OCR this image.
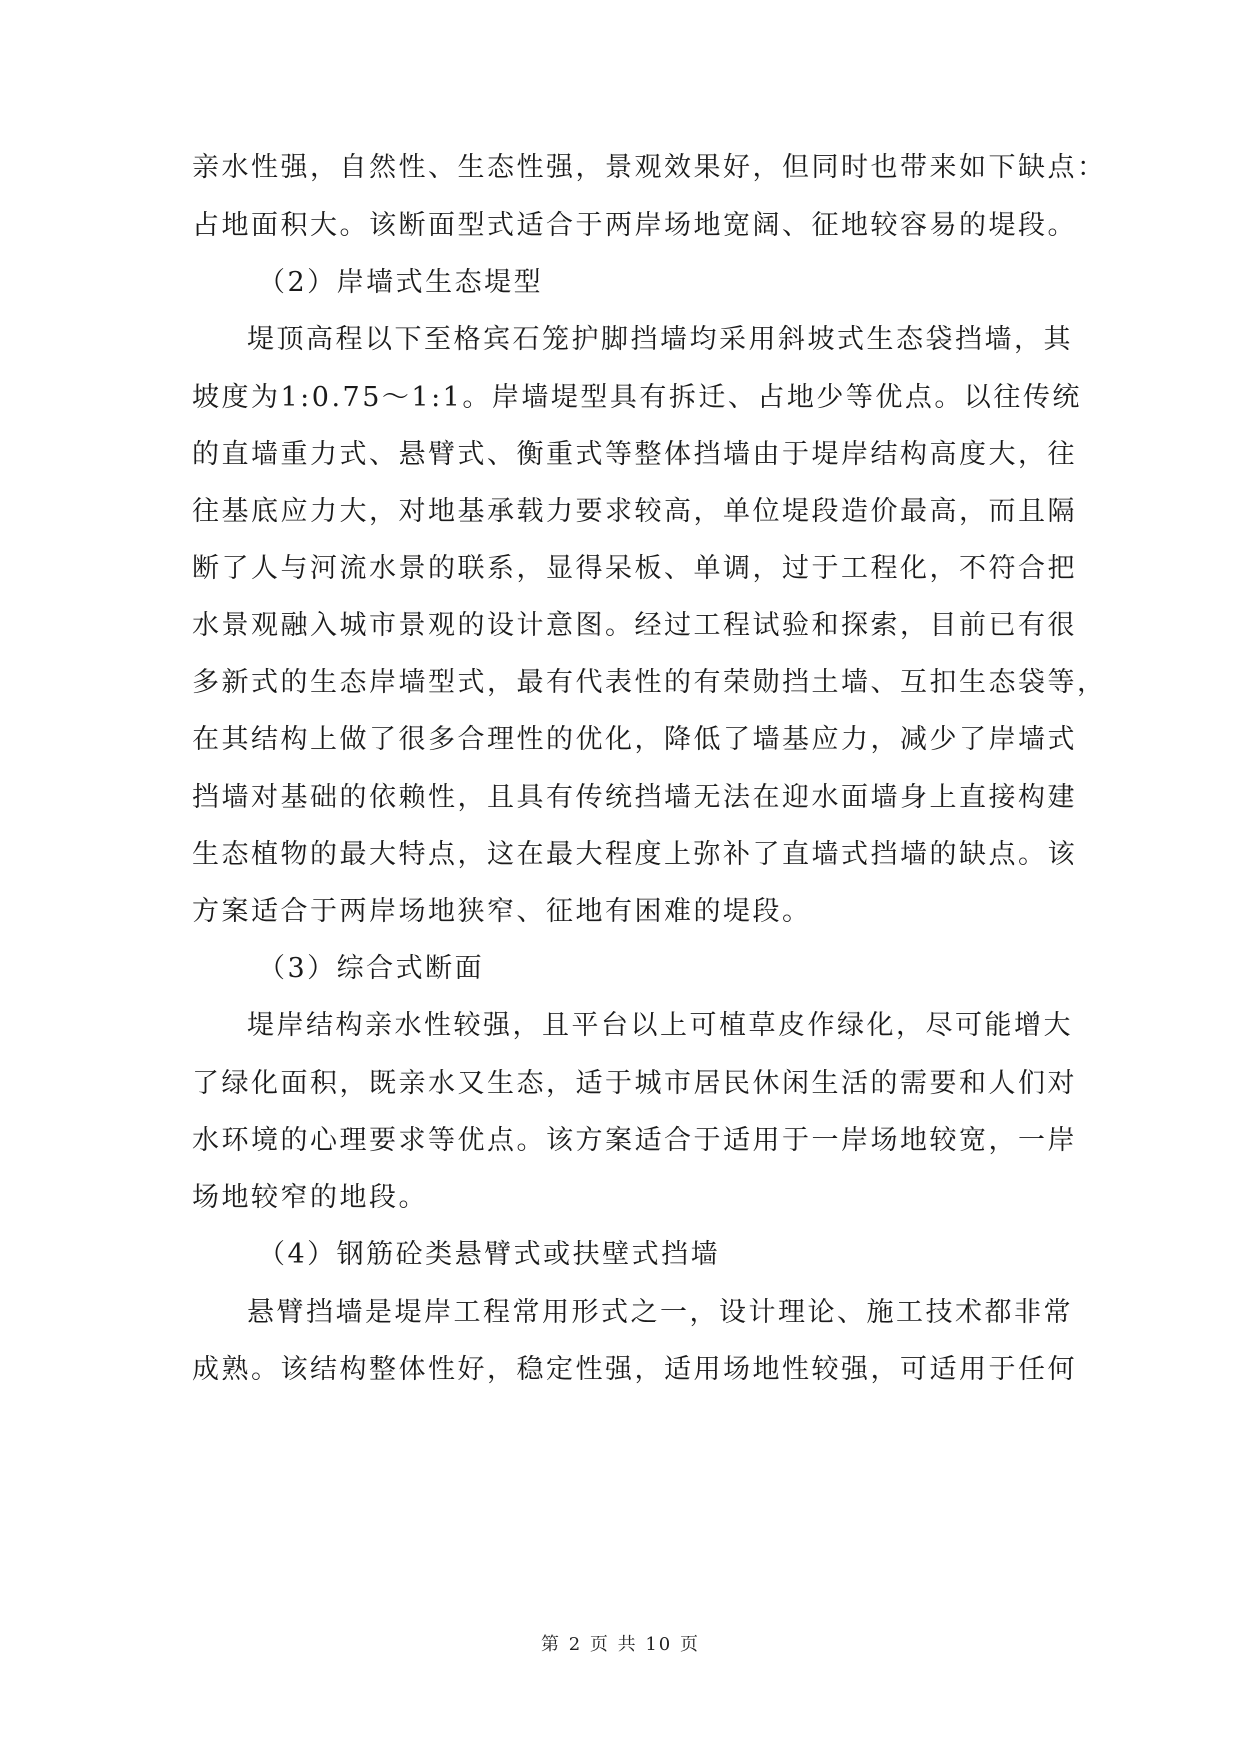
亲水性强，自然性、生态性强，景观效果好，但同时也带来如下缺点：
占地面积大。该断面型式适合于两岸场地宽阔、征地较容易的堤段。
（2）岸墙式生态堤型
堤顶高程以下至格宾石笼护脚挡墙均采用斜坡式生态袋挡墙，其
坡度为1:0.75～1:1。岸墙堤型具有拆迁、占地少等优点。以往传统
的直墙重力式、悬臂式、衡重式等整体挡墙由于堤岸结构高度大，往
往基底应力大，对地基承载力要求较高，单位堤段造价最高，而且隔
断了人与河流水景的联系，显得呆板、单调，过于工程化，不符合把
水景观融入城市景观的设计意图。经过工程试验和探索，目前已有很
多新式的生态岸墙型式，最有代表性的有荣勋挡土墙、互扣生态袋等，
在其结构上做了很多合理性的优化，降低了墙基应力，减少了岸墙式
挡墙对基础的依赖性，且具有传统挡墙无法在迎水面墙身上直接构建
生态植物的最大特点，这在最大程度上弥补了直墙式挡墙的缺点。该
方案适合于两岸场地狭窄、征地有困难的堤段。
（3）综合式断面
堤岸结构亲水性较强，且平台以上可植草皮作绿化，尽可能增大
了绿化面积，既亲水又生态，适于城市居民休闲生活的需要和人们对
水环境的心理要求等优点。该方案适合于适用于一岸场地较宽，一岸
场地较窄的地段。
（4）钢筋砼类悬臂式或扶壁式挡墙
悬臂挡墙是堤岸工程常用形式之一，设计理论、施工技术都非常
成熟。该结构整体性好，稳定性强，适用场地性较强，可适用于任何
第 2 页 共 10 页
